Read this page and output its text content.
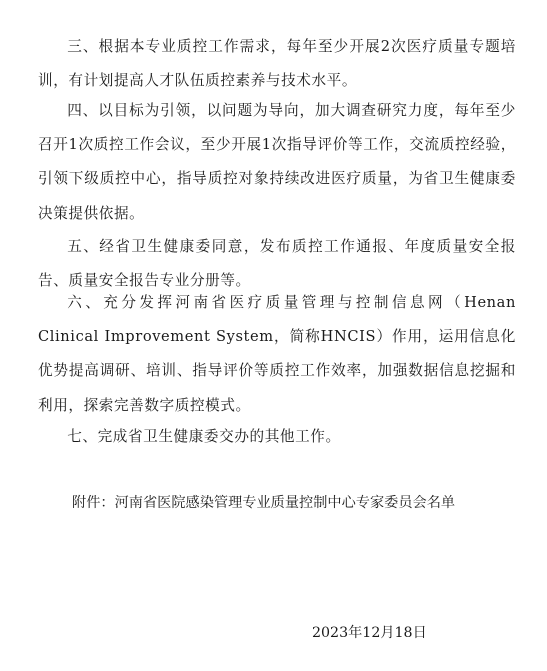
三、根据本专业质控工作需求，每年至少开展2次医疗质量专题培训，有计划提高人才队伍质控素养与技术水平。

四、以目标为引领，以问题为导向，加大调查研究力度，每年至少召开1次质控工作会议，至少开展1次指导评价等工作，交流质控经验，引领下级质控中心，指导质控对象持续改进医疗质量，为省卫生健康委决策提供依据。

五、经省卫生健康委同意，发布质控工作通报、年度质量安全报告、质量安全报告专业分册等。

六、充分发挥河南省医疗质量管理与控制信息网（Henan Clinical Improvement System，简称HNCIS）作用，运用信息化优势提高调研、培训、指导评价等质控工作效率，加强数据信息挖掘和利用，探索完善数字质控模式。

七、完成省卫生健康委交办的其他工作。

附件：河南省医院感染管理专业质量控制中心专家委员会名单

2023年12月18日
